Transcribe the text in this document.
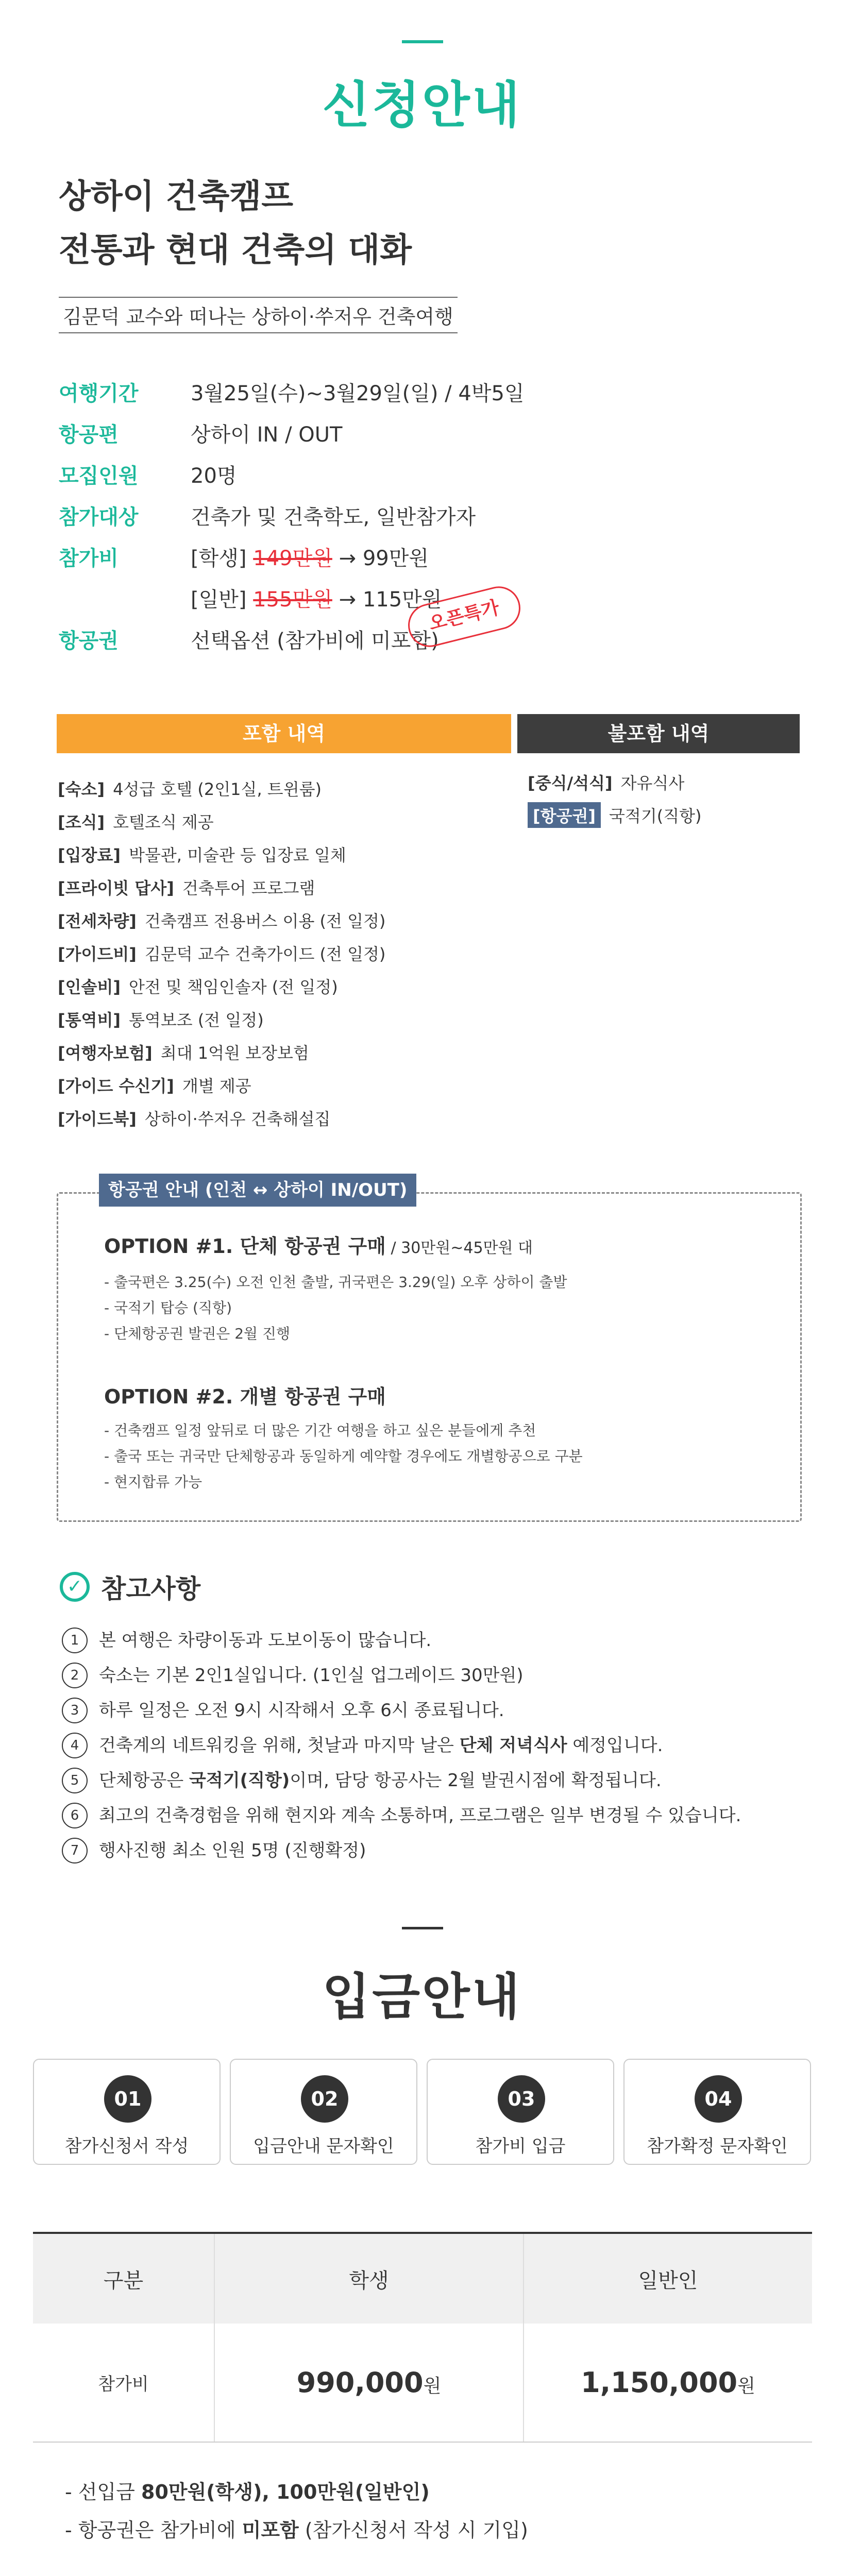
신청안내
상하이 건축캠프
전통과 현대 건축의 대화
김문덕 교수와 떠나는 상하이·쑤저우 건축여행
여행기간	3월25일(수)~3월29일(일) / 4박5일
항공편	상하이 IN / OUT
모집인원	20명
참가대상	건축가 및 건축학도, 일반참가자
참가비	[학생] 149만원 → 99만원
[일반] 155만원 → 115만원
항공권	선택옵션 (참가비에 미포함)
오픈특가
포함 내역	불포함 내역
[숙소] 4성급 호텔 (2인1실, 트윈룸)
[조식] 호텔조식 제공
[입장료] 박물관, 미술관 등 입장료 일체
[프라이빗 답사] 건축투어 프로그램
[전세차량] 건축캠프 전용버스 이용 (전 일정)
[가이드비] 김문덕 교수 건축가이드 (전 일정)
[인솔비] 안전 및 책임인솔자 (전 일정)
[통역비] 통역보조 (전 일정)
[여행자보험] 최대 1억원 보장보험
[가이드 수신기] 개별 제공
[가이드북] 상하이·쑤저우 건축해설집
[중식/석식] 자유식사
[항공권] 국적기(직항)
항공권 안내 (인천 ↔ 상하이 IN/OUT)
OPTION #1. 단체 항공권 구매 / 30만원~45만원 대
- 출국편은 3.25(수) 오전 인천 출발, 귀국편은 3.29(일) 오후 상하이 출발
- 국적기 탑승 (직항)
- 단체항공권 발권은 2월 진행
OPTION #2. 개별 항공권 구매
- 건축캠프 일정 앞뒤로 더 많은 기간 여행을 하고 싶은 분들에게 추천
- 출국 또는 귀국만 단체항공과 동일하게 예약할 경우에도 개별항공으로 구분
- 현지합류 가능
✓ 참고사항
1	본 여행은 차량이동과 도보이동이 많습니다.
2	숙소는 기본 2인1실입니다. (1인실 업그레이드 30만원)
3	하루 일정은 오전 9시 시작해서 오후 6시 종료됩니다.
4	건축계의 네트워킹을 위해, 첫날과 마지막 날은 단체 저녁식사 예정입니다.
5	단체항공은 국적기(직항)이며, 담당 항공사는 2월 발권시점에 확정됩니다.
6	최고의 건축경험을 위해 현지와 계속 소통하며, 프로그램은 일부 변경될 수 있습니다.
7	행사진행 최소 인원 5명 (진행확정)
입금안내
01
참가신청서 작성
02
입금안내 문자확인
03
참가비 입금
04
참가확정 문자확인
구분	학생	일반인
참가비	990,000원	1,150,000원
- 선입금 80만원(학생), 100만원(일반인)
- 항공권은 참가비에 미포함 (참가신청서 작성 시 기입)
